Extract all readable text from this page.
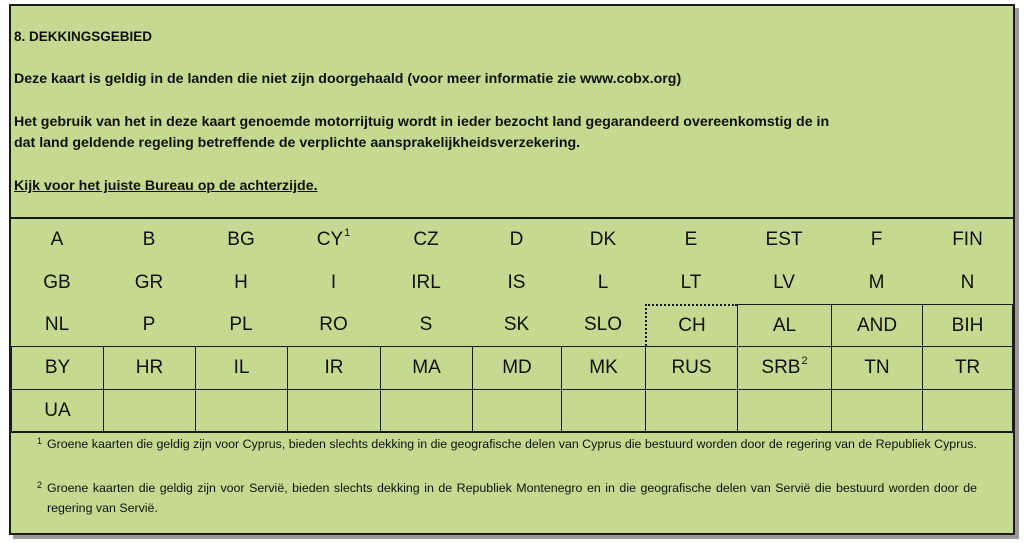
8. DEKKINGSGEBIED
Deze kaart is geldig in de landen die niet zijn doorgehaald (voor meer informatie zie www.cobx.org)
Het gebruik van het in deze kaart genoemde motorrijtuig wordt in ieder bezocht land gegarandeerd overeenkomstig de in
dat land geldende regeling betreffende de verplichte aansprakelijkheidsverzekering.
Kijk voor het juiste Bureau op de achterzijde.
A	B	BG	CY 1	CZ	D	DK	E	EST	F	FIN
GB	GR	H	I	IRL	IS	L	LT	LV	M	N
NL	P	PL	RO	S	SK	SLO	CH	AL	AND	BIH
BY	HR	IL	IR	MA	MD	MK	RUS	SRB 2	TN	TR
UA
1 Groene kaarten die geldig zijn voor Cyprus, bieden slechts dekking in die geografische delen van Cyprus die bestuurd worden door de regering van de Republiek Cyprus.
2 Groene kaarten die geldig zijn voor Servië, bieden slechts dekking in de Republiek Montenegro en in die geografische delen van Servië die bestuurd worden door de regering van Servië.
